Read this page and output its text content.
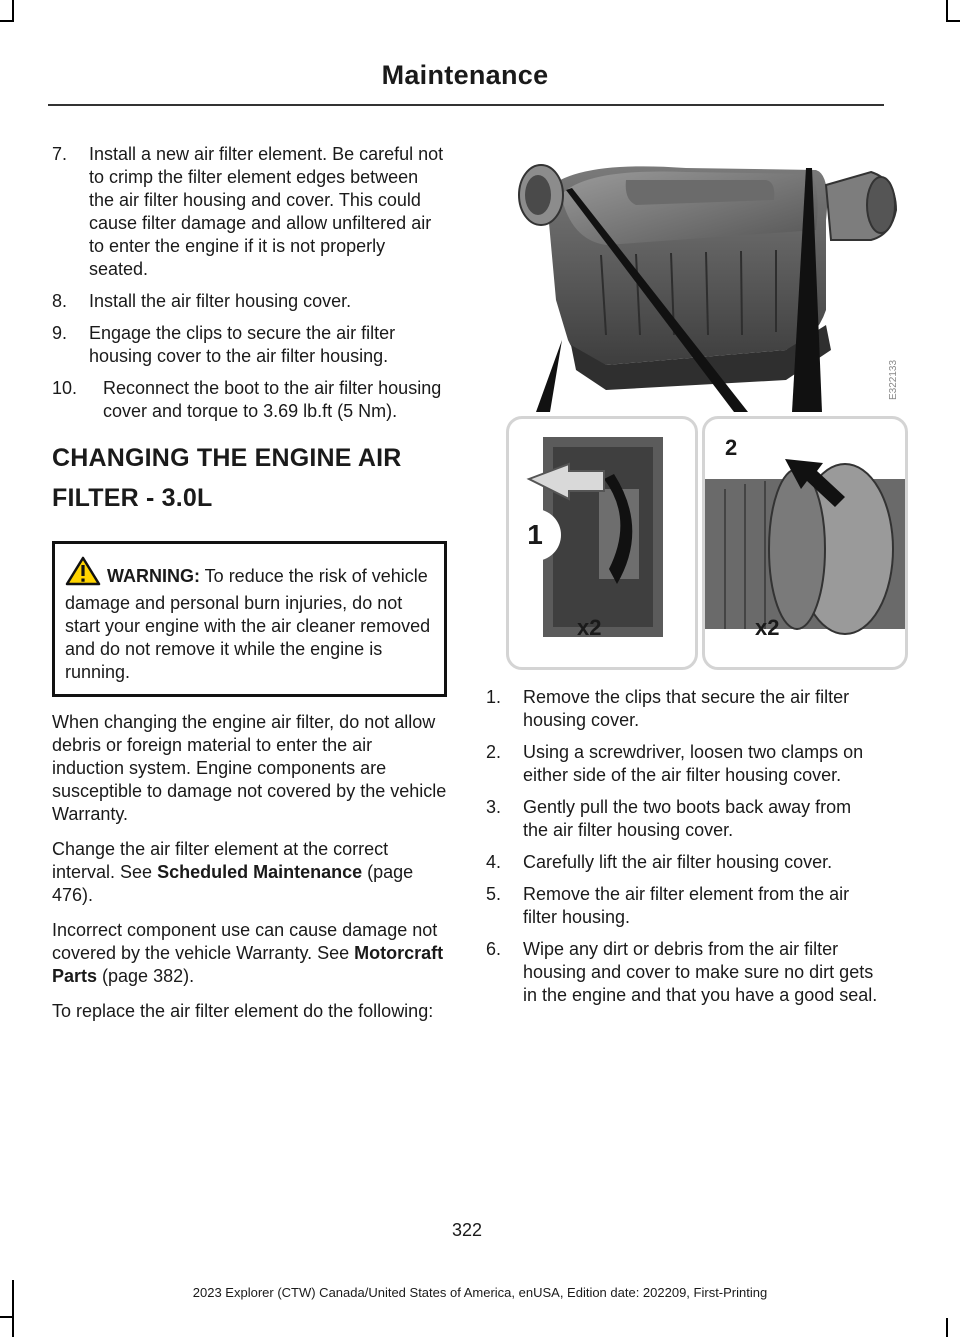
Maintenance
7.	Install a new air filter element. Be careful not to crimp the filter element edges between the air filter housing and cover. This could cause filter damage and allow unfiltered air to enter the engine if it is not properly seated.
8.	Install the air filter housing cover.
9.	Engage the clips to secure the air filter housing cover to the air filter housing.
10.	Reconnect the boot to the air filter housing cover and torque to 3.69 lb.ft (5 Nm).
CHANGING THE ENGINE AIR
FILTER - 3.0L
WARNING: To reduce the risk of vehicle damage and personal burn injuries, do not start your engine with the air cleaner removed and do not remove it while the engine is running.
When changing the engine air filter, do not allow debris or foreign material to enter the air induction system. Engine components are susceptible to damage not covered by the vehicle Warranty.
Change the air filter element at the correct interval. See Scheduled Maintenance (page 476).
Incorrect component use can cause damage not covered by the vehicle Warranty. See Motorcraft Parts (page 382).
To replace the air filter element do the following:
1
x2
2
x2
E322133
1.	Remove the clips that secure the air filter housing cover.
2.	Using a screwdriver, loosen two clamps on either side of the air filter housing cover.
3.	Gently pull the two boots back away from the air filter housing cover.
4.	Carefully lift the air filter housing cover.
5.	Remove the air filter element from the air filter housing.
6.	Wipe any dirt or debris from the air filter housing and cover to make sure no dirt gets in the engine and that you have a good seal.
322
2023 Explorer (CTW) Canada/United States of America, enUSA, Edition date: 202209, First-Printing
